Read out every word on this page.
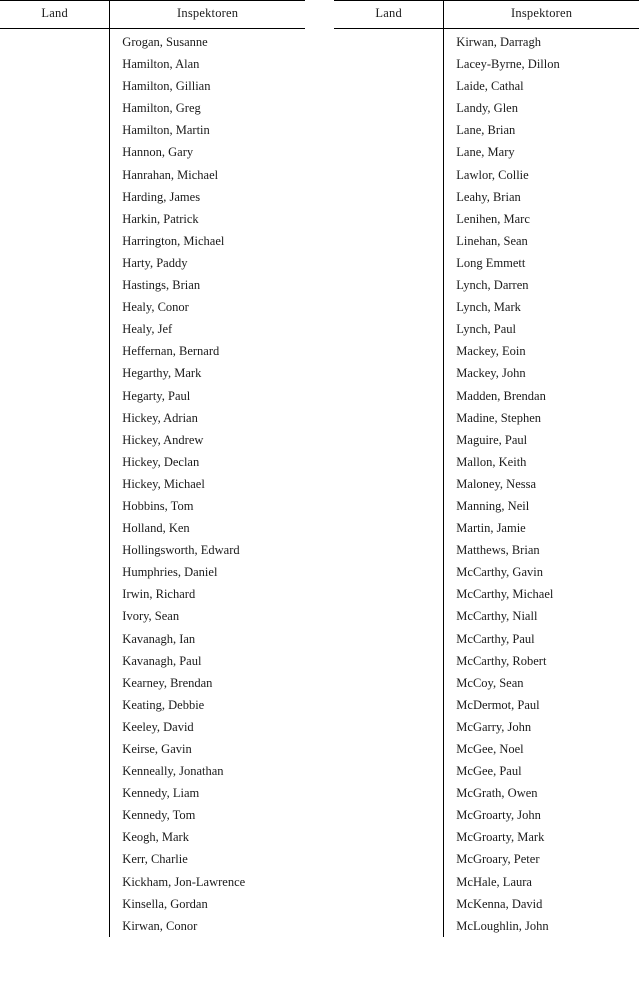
Land	Inspektoren
	Grogan, Susanne
	Hamilton, Alan
	Hamilton, Gillian
	Hamilton, Greg
	Hamilton, Martin
	Hannon, Gary
	Hanrahan, Michael
	Harding, James
	Harkin, Patrick
	Harrington, Michael
	Harty, Paddy
	Hastings, Brian
	Healy, Conor
	Healy, Jef
	Heffernan, Bernard
	Hegarthy, Mark
	Hegarty, Paul
	Hickey, Adrian
	Hickey, Andrew
	Hickey, Declan
	Hickey, Michael
	Hobbins, Tom
	Holland, Ken
	Hollingsworth, Edward
	Humphries, Daniel
	Irwin, Richard
	Ivory, Sean
	Kavanagh, Ian
	Kavanagh, Paul
	Kearney, Brendan
	Keating, Debbie
	Keeley, David
	Keirse, Gavin
	Kenneally, Jonathan
	Kennedy, Liam
	Kennedy, Tom
	Keogh, Mark
	Kerr, Charlie
	Kickham, Jon-Lawrence
	Kinsella, Gordan
	Kirwan, Conor
Land	Inspektoren
	Kirwan, Darragh
	Lacey-Byrne, Dillon
	Laide, Cathal
	Landy, Glen
	Lane, Brian
	Lane, Mary
	Lawlor, Collie
	Leahy, Brian
	Lenihen, Marc
	Linehan, Sean
	Long Emmett
	Lynch, Darren
	Lynch, Mark
	Lynch, Paul
	Mackey, Eoin
	Mackey, John
	Madden, Brendan
	Madine, Stephen
	Maguire, Paul
	Mallon, Keith
	Maloney, Nessa
	Manning, Neil
	Martin, Jamie
	Matthews, Brian
	McCarthy, Gavin
	McCarthy, Michael
	McCarthy, Niall
	McCarthy, Paul
	McCarthy, Robert
	McCoy, Sean
	McDermot, Paul
	McGarry, John
	McGee, Noel
	McGee, Paul
	McGrath, Owen
	McGroarty, John
	McGroarty, Mark
	McGroary, Peter
	McHale, Laura
	McKenna, David
	McLoughlin, John
